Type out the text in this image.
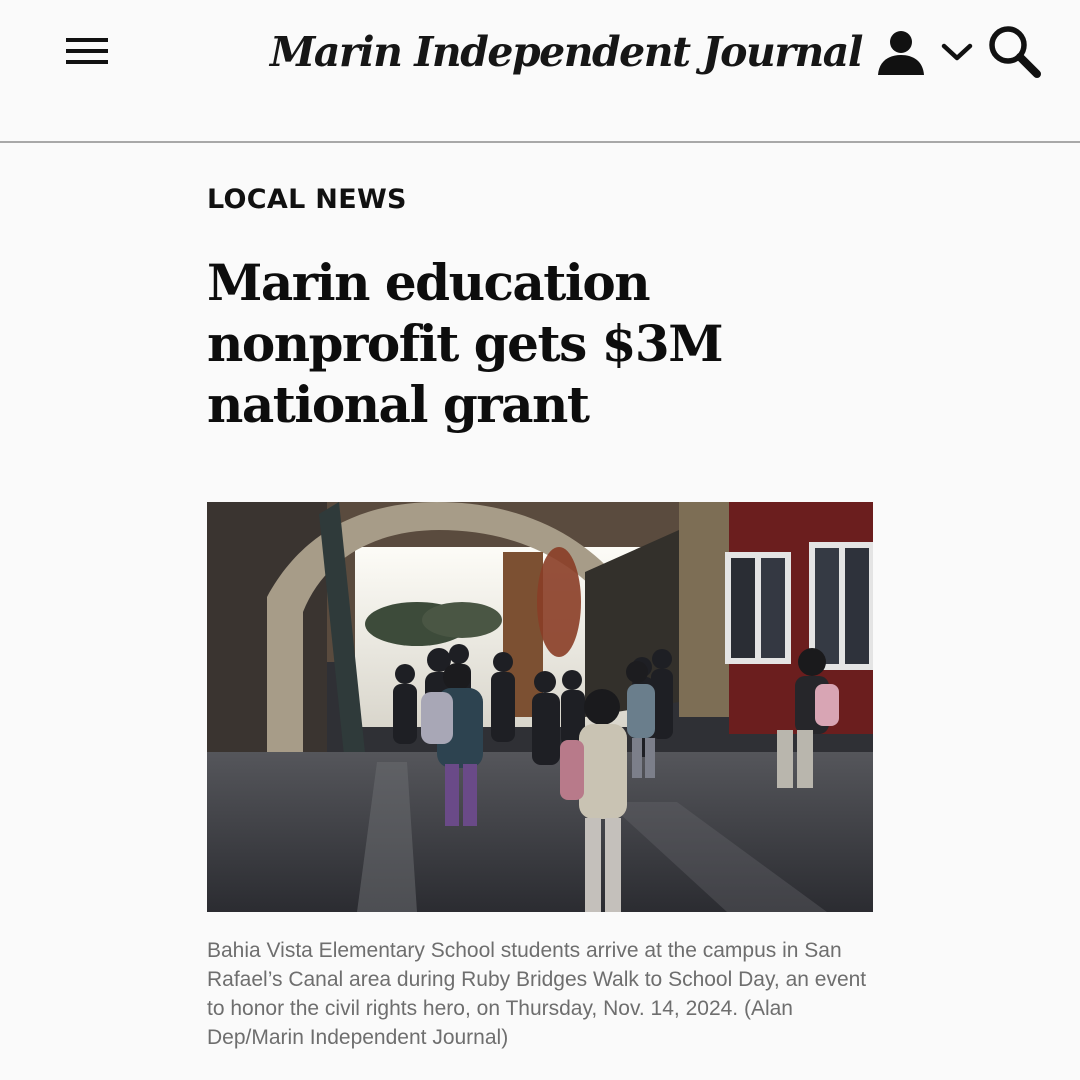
Marin Independent Journal
LOCAL NEWS
Marin education nonprofit gets $3M national grant

Bahia Vista Elementary School students arrive at the campus in San Rafael’s Canal area during Ruby Bridges Walk to School Day, an event to honor the civil rights hero, on Thursday, Nov. 14, 2024. (Alan Dep/Marin Independent Journal)
